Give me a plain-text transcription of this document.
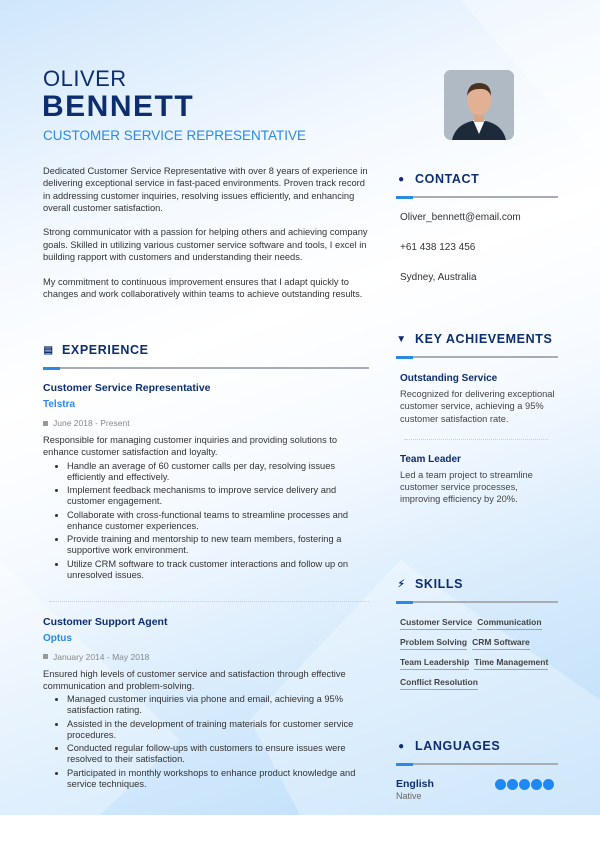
OLIVER
BENNETT
CUSTOMER SERVICE REPRESENTATIVE

Dedicated Customer Service Representative with over 8 years of experience in delivering exceptional service in fast-paced environments. Proven track record in addressing customer inquiries, resolving issues efficiently, and enhancing overall customer satisfaction.

Strong communicator with a passion for helping others and achieving company goals. Skilled in utilizing various customer service software and tools, I excel in building rapport with customers and understanding their needs.

My commitment to continuous improvement ensures that I adapt quickly to changes and work collaboratively within teams to achieve outstanding results.

▤ EXPERIENCE
Customer Service Representative
Telstra
June 2018 - Present
Responsible for managing customer inquiries and providing solutions to enhance customer satisfaction and loyalty.
• Handle an average of 60 customer calls per day, resolving issues efficiently and effectively.
• Implement feedback mechanisms to improve service delivery and customer engagement.
• Collaborate with cross-functional teams to streamline processes and enhance customer experiences.
• Provide training and mentorship to new team members, fostering a supportive work environment.
• Utilize CRM software to track customer interactions and follow up on unresolved issues.
Customer Support Agent
Optus
January 2014 - May 2018
Ensured high levels of customer service and satisfaction through effective communication and problem-solving.
• Managed customer inquiries via phone and email, achieving a 95% satisfaction rating.
• Assisted in the development of training materials for customer service procedures.
• Conducted regular follow-ups with customers to ensure issues were resolved to their satisfaction.
• Participated in monthly workshops to enhance product knowledge and service techniques.
● CONTACT
Oliver_bennett@email.com
+61 438 123 456
Sydney, Australia
▼ KEY ACHIEVEMENTS
Outstanding Service
Recognized for delivering exceptional customer service, achieving a 95% customer satisfaction rate.
Team Leader
Led a team project to streamline customer service processes, improving efficiency by 20%.
⚡︎ SKILLS
Customer Service Communication
Problem Solving CRM Software
Team Leadership Time Management
Conflict Resolution
● LANGUAGES
English
Native
